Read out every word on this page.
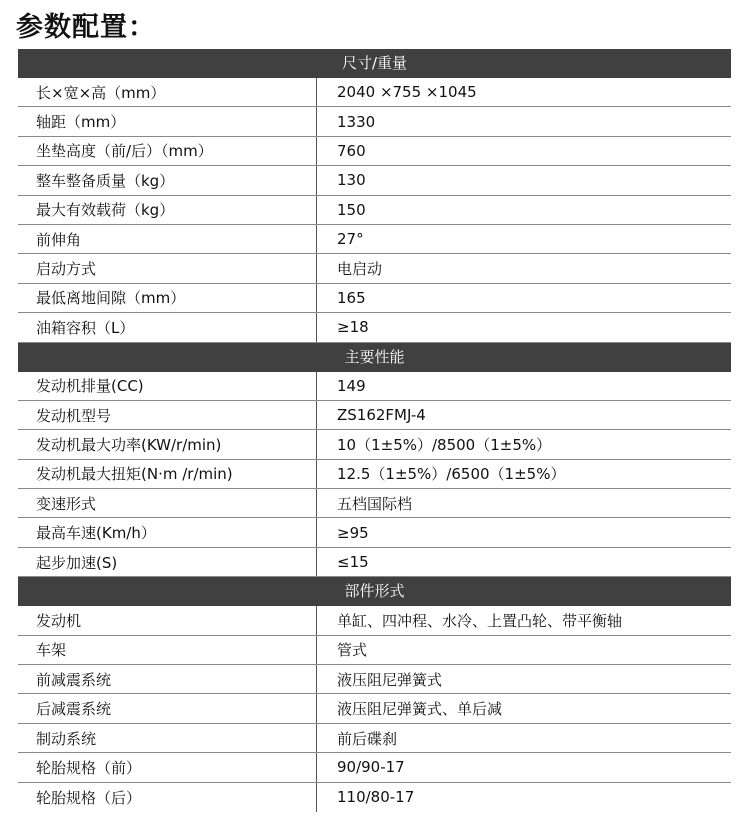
参数配置：
尺寸/重量
长×宽×高（mm）	2040 ×755 ×1045
轴距（mm）	1330
坐垫高度（前/后）（mm）	760
整车整备质量（kg）	130
最大有效载荷（kg）	150
前伸角	27°
启动方式	电启动
最低离地间隙（mm）	165
油箱容积（L）	≥18
主要性能
发动机排量(CC)	149
发动机型号	ZS162FMJ-4
发动机最大功率(KW/r/min)	10（1±5%）/8500（1±5%）
发动机最大扭矩(N·m /r/min)	12.5（1±5%）/6500（1±5%）
变速形式	五档国际档
最高车速(Km/h）	≥95
起步加速(S)	≤15
部件形式
发动机	单缸、四冲程、水冷、上置凸轮、带平衡轴
车架	管式
前减震系统	液压阻尼弹簧式
后减震系统	液压阻尼弹簧式、单后减
制动系统	前后碟刹
轮胎规格（前）	90/90-17
轮胎规格（后）	110/80-17
